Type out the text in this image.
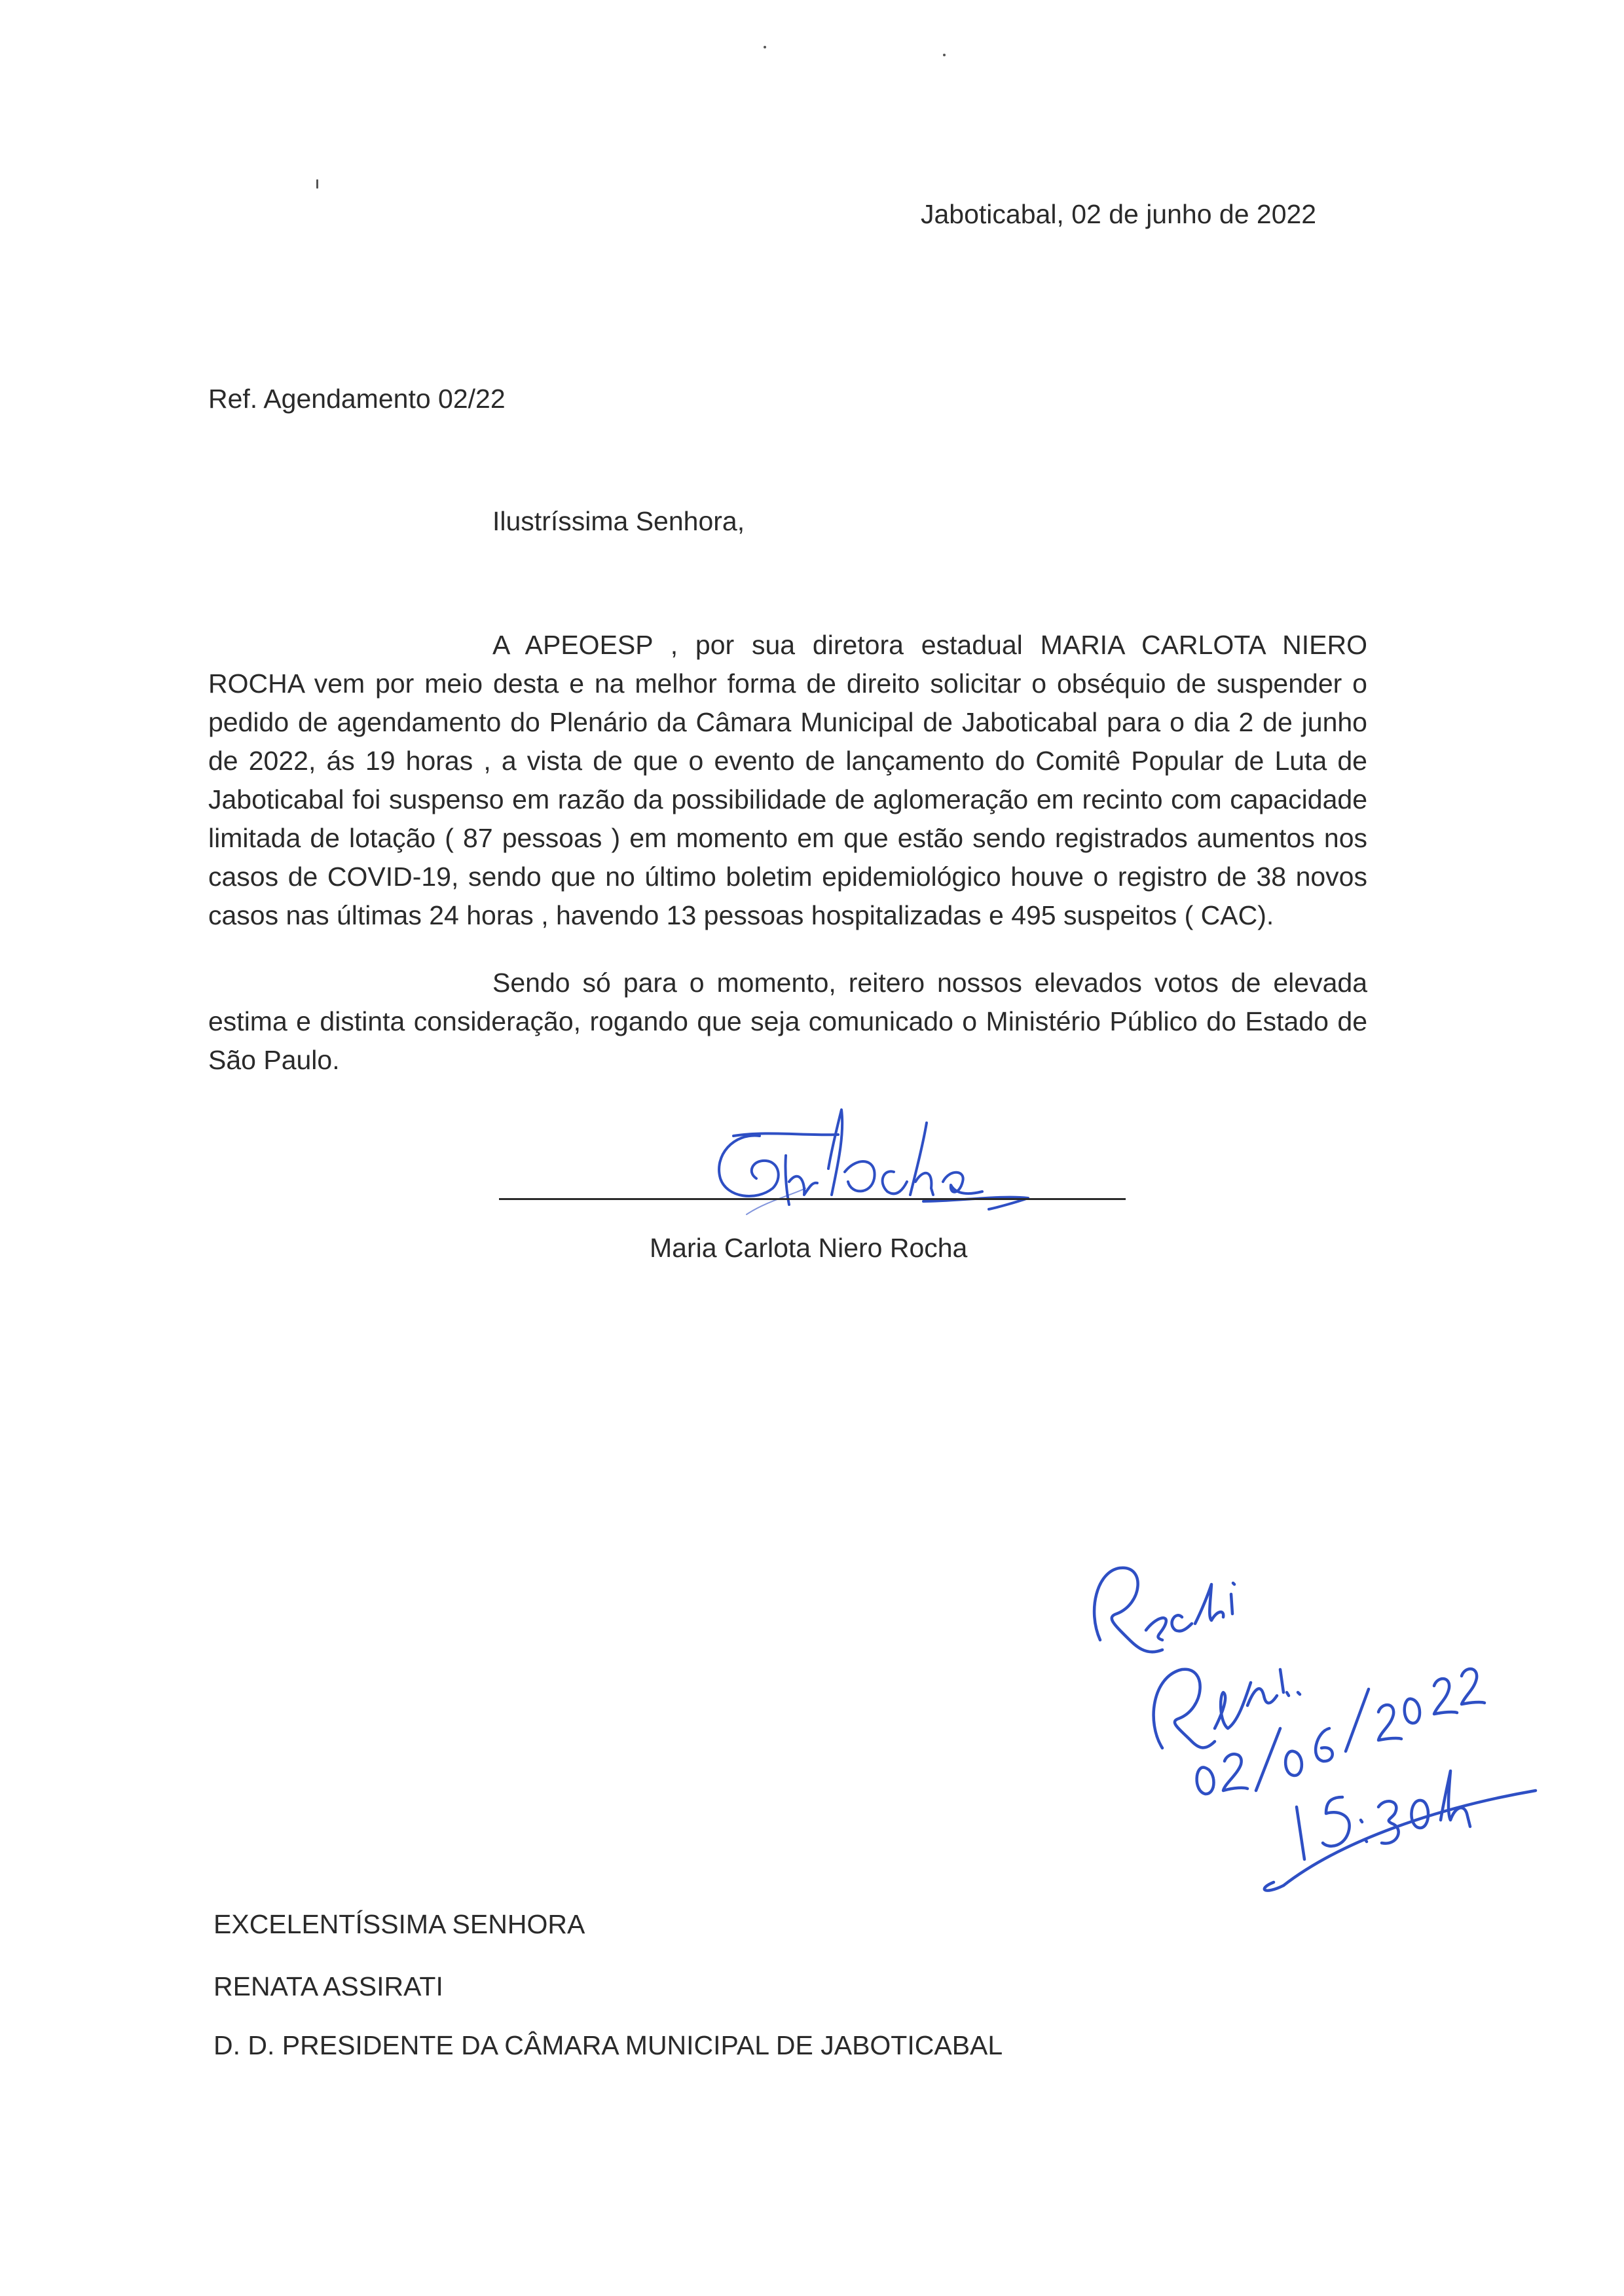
Jaboticabal, 02 de junho de 2022
Ref. Agendamento 02/22
Ilustríssima Senhora,
A APEOESP , por sua diretora estadual MARIA CARLOTA NIERO ROCHA vem por meio desta e na melhor forma de direito solicitar o obséquio de suspender o pedido de agendamento do Plenário da Câmara Municipal de Jaboticabal para o dia 2 de junho de 2022, ás 19 horas , a vista de que o evento de lançamento do Comitê Popular de Luta de Jaboticabal foi suspenso em razão da possibilidade de aglomeração em recinto com capacidade limitada de lotação ( 87 pessoas ) em momento em que estão sendo registrados aumentos nos casos de COVID-19, sendo que no último boletim epidemiológico houve o registro de 38 novos casos nas últimas 24 horas , havendo 13 pessoas hospitalizadas e 495 suspeitos ( CAC).
Sendo só para o momento, reitero nossos elevados votos de elevada estima e distinta consideração, rogando que seja comunicado o Ministério Público do Estado de São Paulo.
Maria Carlota Niero Rocha
EXCELENTÍSSIMA SENHORA
RENATA ASSIRATI
D. D. PRESIDENTE DA CÂMARA MUNICIPAL DE JABOTICABAL
